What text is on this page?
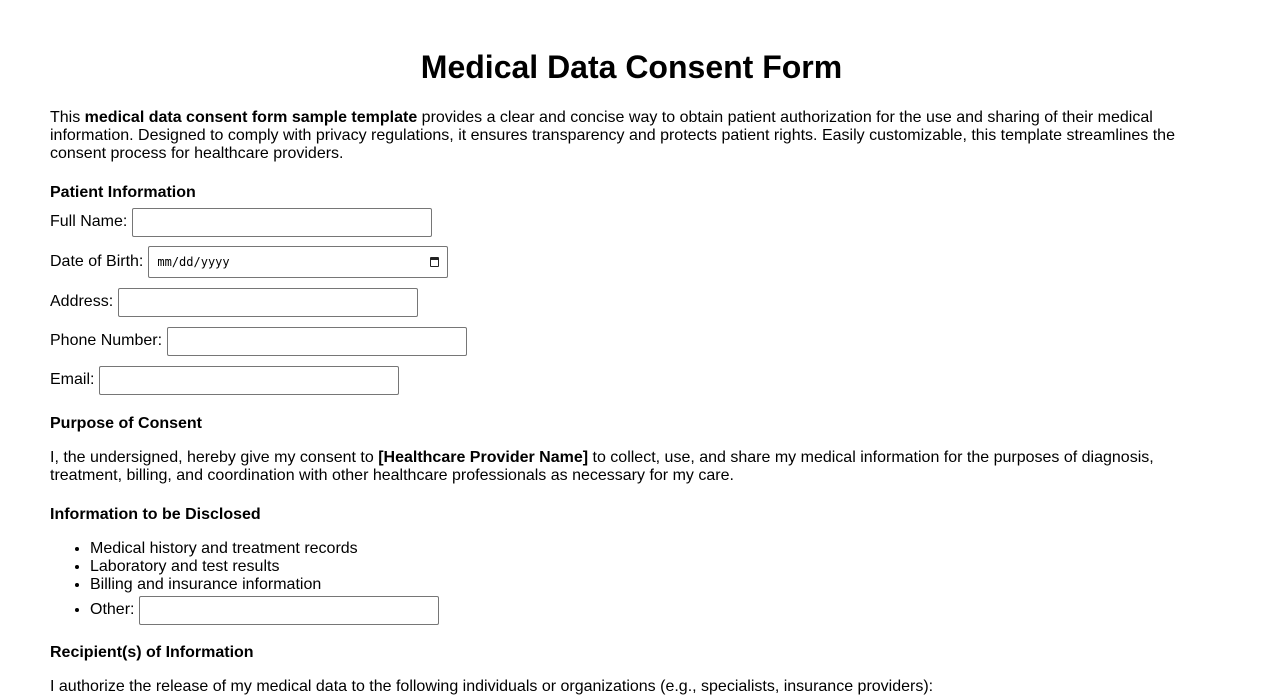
Medical Data Consent Form

This medical data consent form sample template provides a clear and concise way to obtain patient authorization for the use and sharing of their medical information. Designed to comply with privacy regulations, it ensures transparency and protects patient rights. Easily customizable, this template streamlines the consent process for healthcare providers.

Patient Information
Full Name:
Date of Birth: mm/dd/yyyy
Address:
Phone Number:
Email:
Purpose of Consent

I, the undersigned, hereby give my consent to [Healthcare Provider Name] to collect, use, and share my medical information for the purposes of diagnosis, treatment, billing, and coordination with other healthcare professionals as necessary for my care.

Information to be Disclosed
• Medical history and treatment records
• Laboratory and test results
• Billing and insurance information
• Other:
Recipient(s) of Information

I authorize the release of my medical data to the following individuals or organizations (e.g., specialists, insurance providers):
